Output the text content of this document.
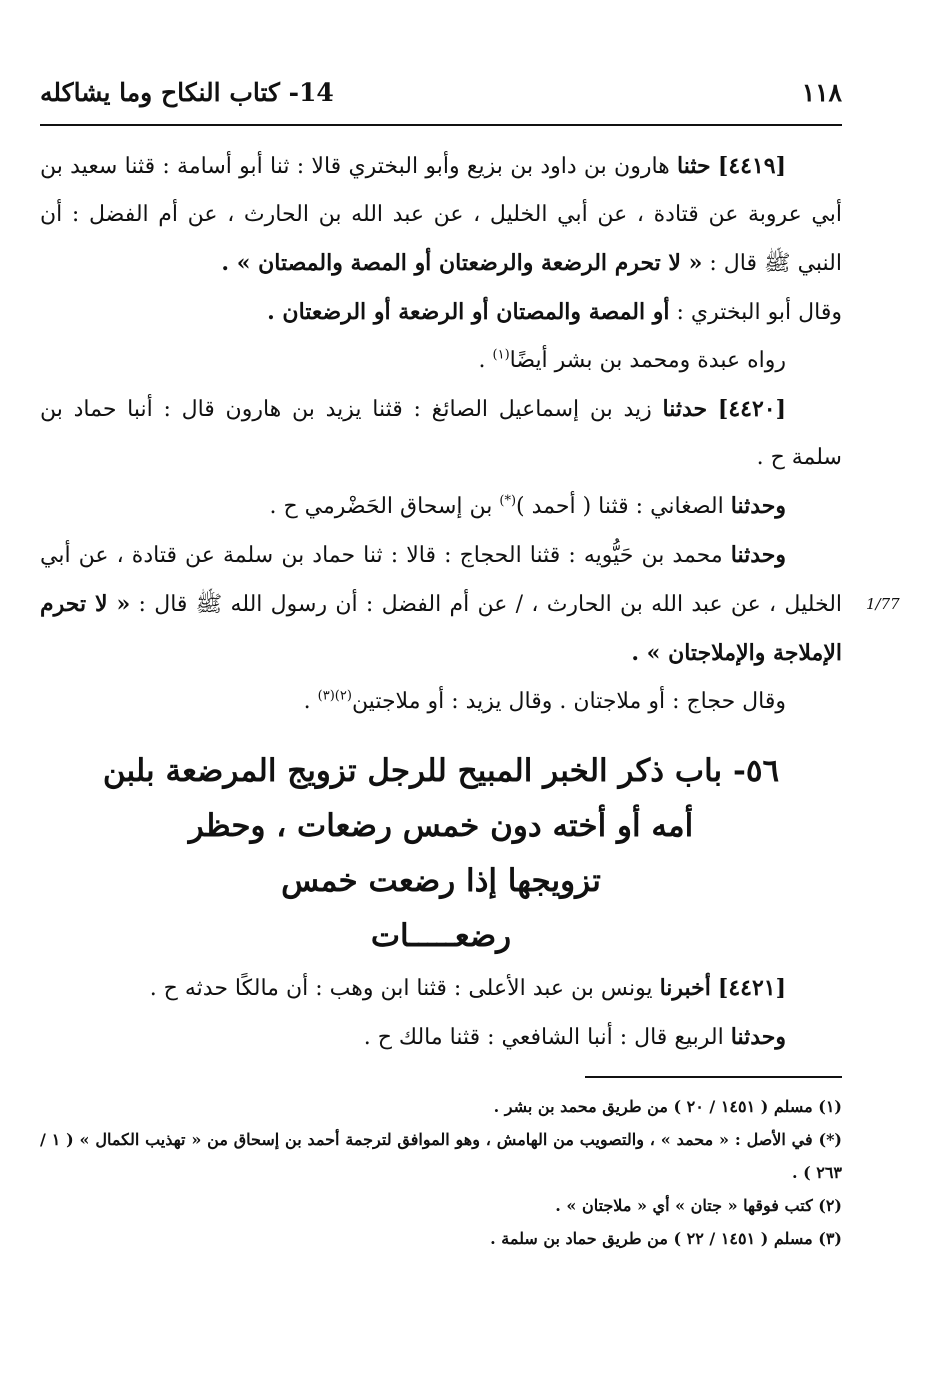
١١٨
14- كتاب النكاح وما يشاكله

[٤٤١٩] حثنا هارون بن داود بن بزيع وأبو البختري قالا : ثنا أبو أسامة : قثنا سعيد بن أبي عروبة عن قتادة ، عن أبي الخليل ، عن عبد الله بن الحارث ، عن أم الفضل : أن النبي ﷺ قال : « لا تحرم الرضعة والرضعتان أو المصة والمصتان » .

وقال أبو البختري : أو المصة والمصتان أو الرضعة أو الرضعتان .

رواه عبدة ومحمد بن بشر أيضًا$^{(١)}$ .

[٤٤٢٠] حدثنا زيد بن إسماعيل الصائغ : قثنا يزيد بن هارون قال : أنبا حماد بن سلمة ح .

وحدثنا الصغاني : قثنا ( أحمد )(*) بن إسحاق الحَضْرمي ح .

وحدثنا محمد بن حَيُّويه : قثنا الحجاج : قالا : ثنا حماد بن سلمة عن قتادة ، عن أبي الخليل ، عن عبد الله بن الحارث ، / عن أم الفضل : أن رسول الله ﷺ قال : « لا تحرم الإملاجة والإملاجتان » .

وقال حجاج : أو ملاجتان . وقال يزيد : أو ملاجتين$^{(٢)(٣)}$ .

1/77
٥٦- باب ذكر الخبر المبيح للرجل تزويج المرضعة بلبن
أمه أو أخته دون خمس رضعات ، وحظر
تزويجها إذا رضعت خمس
رضعـــــات

[٤٤٢١] أخبرنا يونس بن عبد الأعلى : قثنا ابن وهب : أن مالكًا حدثه ح .

وحدثنا الربيع قال : أنبا الشافعي : قثنا مالك ح .

(١) مسلم ( ١٤٥١ / ٢٠ ) من طريق محمد بن بشر .

(*) في الأصل : « محمد » ، والتصويب من الهامش ، وهو الموافق لترجمة أحمد بن إسحاق من « تهذيب الكمال » ( ١ / ٢٦٣ ) .

(٢) كتب فوقها « جتان » أي « ملاجتان » .

(٣) مسلم ( ١٤٥١ / ٢٢ ) من طريق حماد بن سلمة .
